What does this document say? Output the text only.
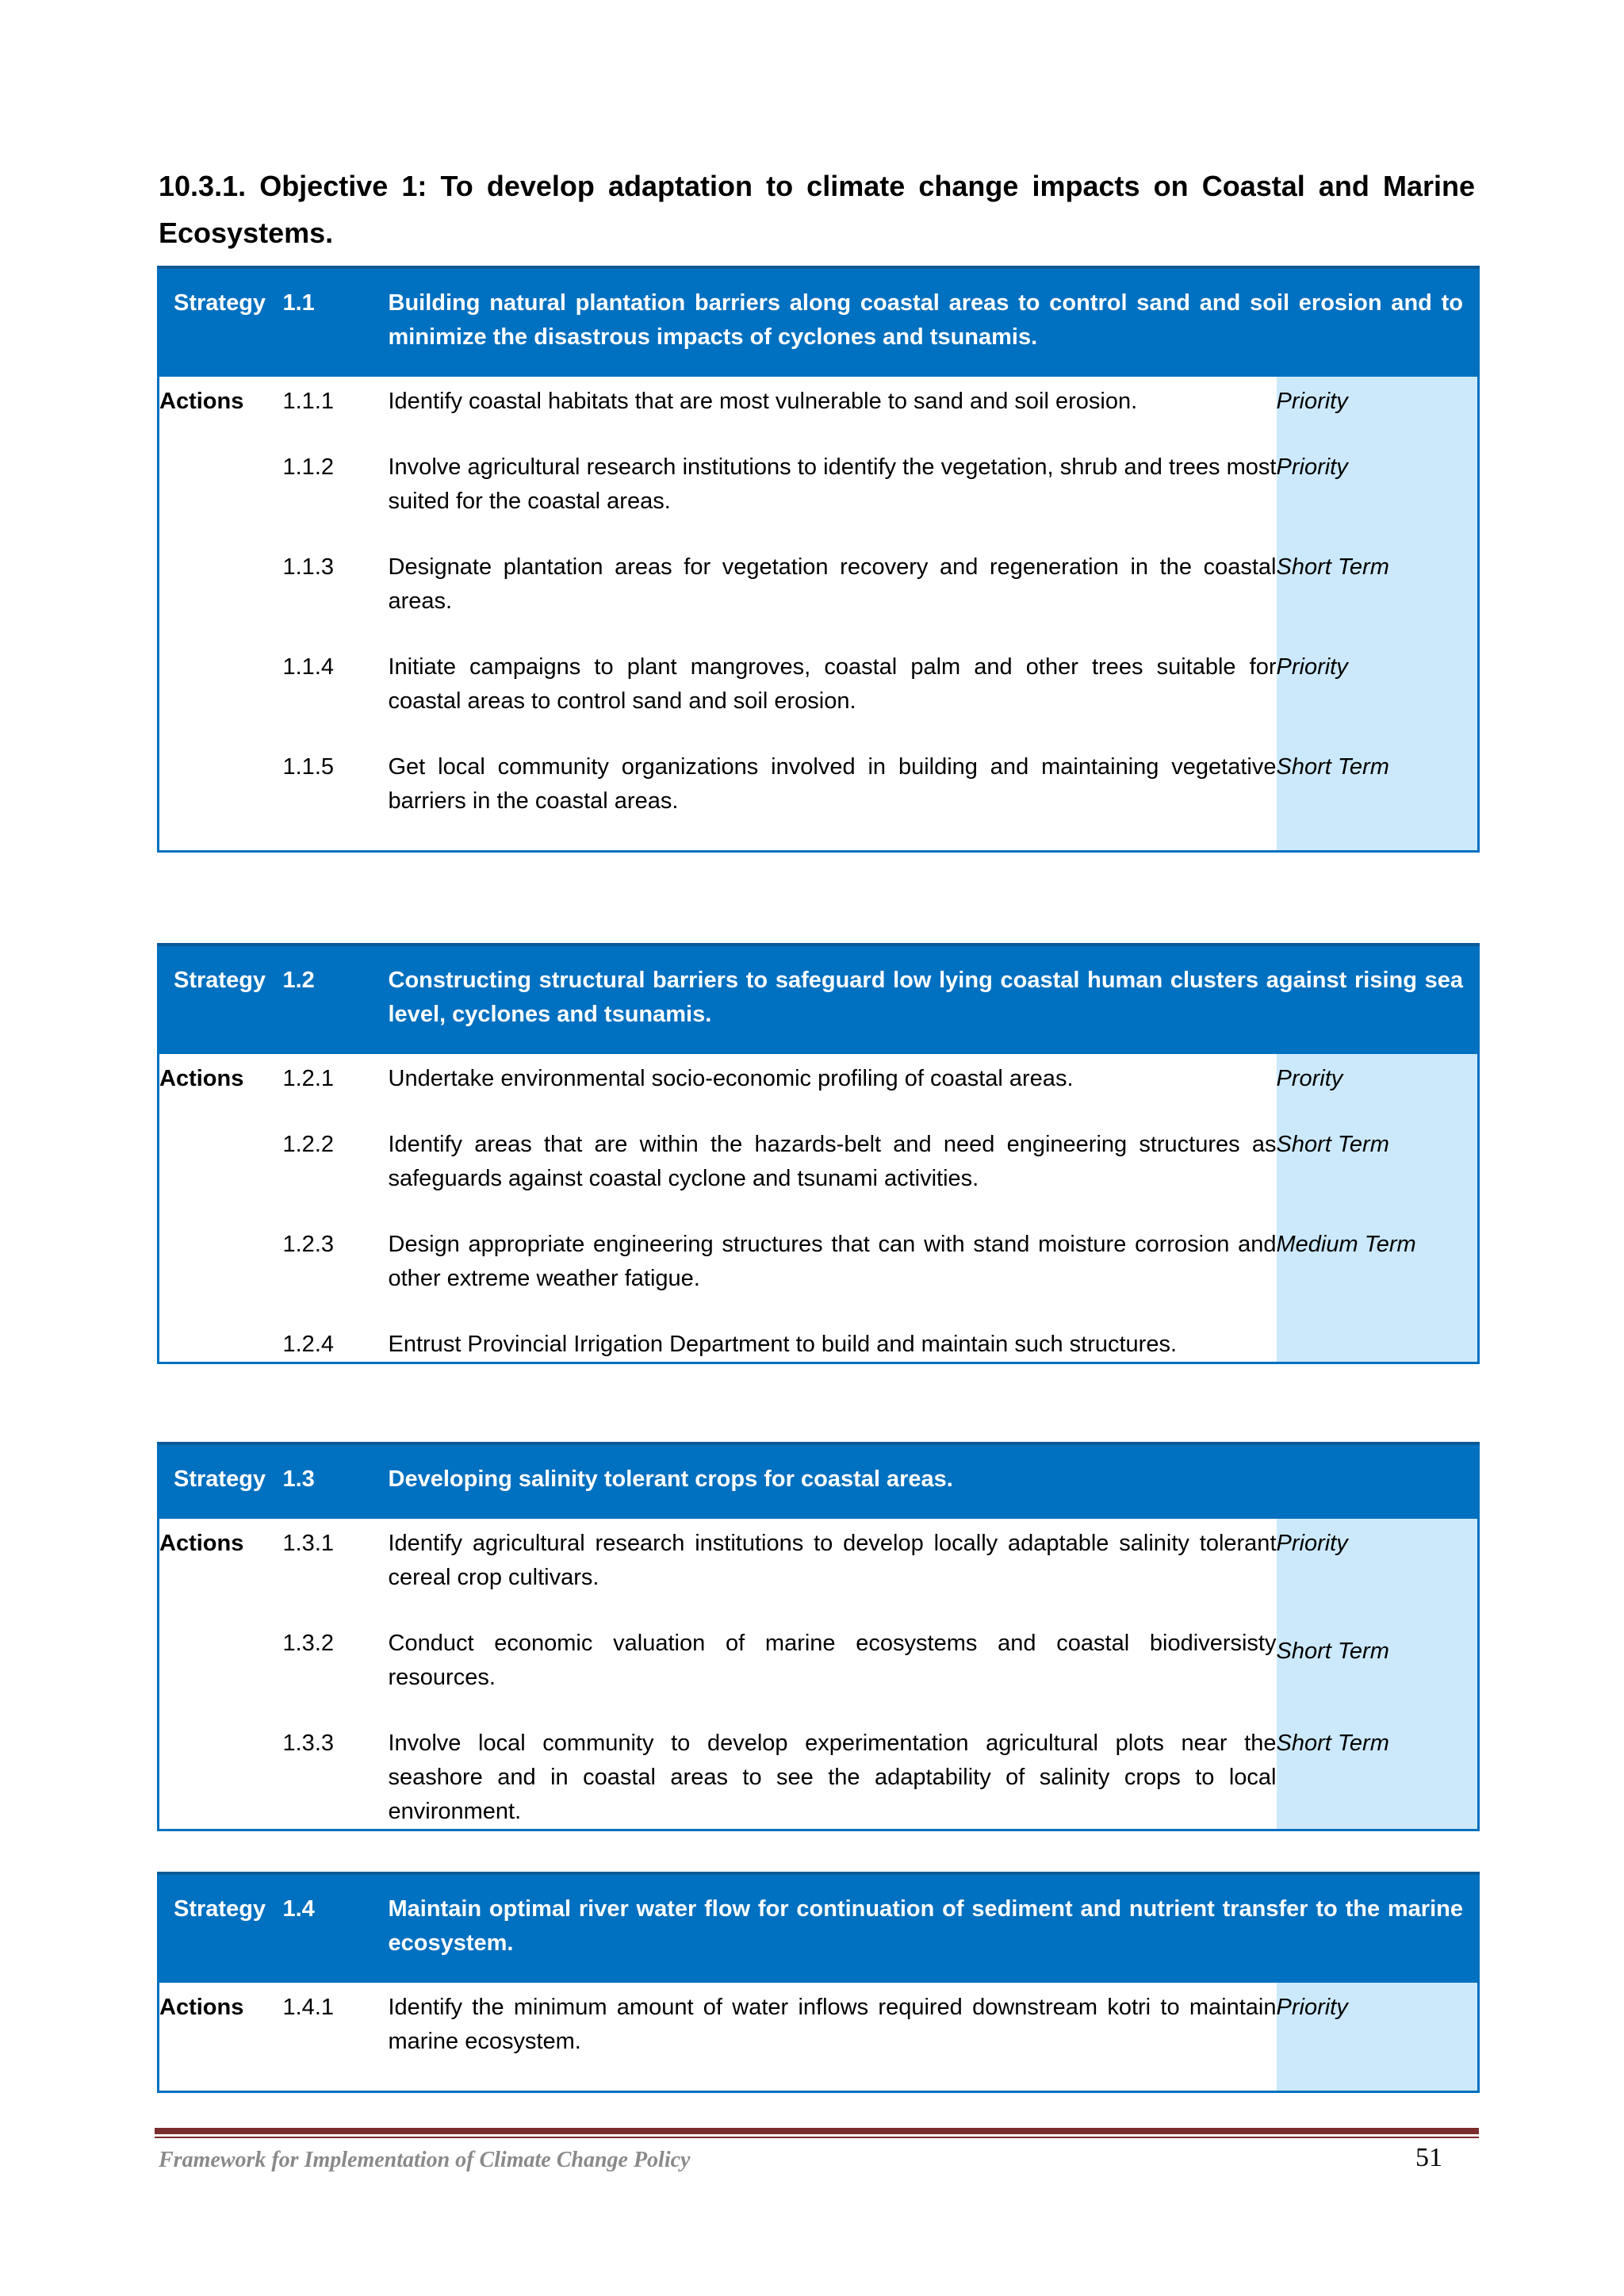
10.3.1. Objective 1: To develop adaptation to climate change impacts on Coastal and Marine Ecosystems.
Strategy	1.1	Building natural plantation barriers along coastal areas to control sand and soil erosion and to minimize the disastrous impacts of cyclones and tsunamis.	
Actions	1.1.1	Identify coastal habitats that are most vulnerable to sand and soil erosion.	Priority
	1.1.2	Involve agricultural research institutions to identify the vegetation, shrub and trees most suited for the coastal areas.	Priority
	1.1.3	Designate plantation areas for vegetation recovery and regeneration in the coastal areas.	Short Term
	1.1.4	Initiate campaigns to plant mangroves, coastal palm and other trees suitable for coastal areas to control sand and soil erosion.	Priority
	1.1.5	Get local community organizations involved in building and maintaining vegetative barriers in the coastal areas.	Short Term
Strategy	1.2	Constructing structural barriers to safeguard low lying coastal human clusters against rising sea level, cyclones and tsunamis.	
Actions	1.2.1	Undertake environmental socio-economic profiling of coastal areas.	Prority
	1.2.2	Identify areas that are within the hazards-belt and need engineering structures as safeguards against coastal cyclone and tsunami activities.	Short Term
	1.2.3	Design appropriate engineering structures that can with stand moisture corrosion and other extreme weather fatigue.	Medium Term
	1.2.4	Entrust Provincial Irrigation Department to build and maintain such structures.	
Strategy	1.3	Developing salinity tolerant crops for coastal areas.	
Actions	1.3.1	Identify agricultural research institutions to develop locally adaptable salinity tolerant cereal crop cultivars.	Priority
	1.3.2	Conduct economic valuation of marine ecosystems and coastal biodiversisty resources.	Short Term
	1.3.3	Involve local community to develop experimentation agricultural plots near the seashore and in coastal areas to see the adaptability of salinity crops to local environment.	Short Term
Strategy	1.4	Maintain optimal river water flow for continuation of sediment and nutrient transfer to the marine ecosystem.	
Actions	1.4.1	Identify the minimum amount of water inflows required downstream kotri to maintain marine ecosystem.	Priority
Framework for Implementation of Climate Change Policy	51
